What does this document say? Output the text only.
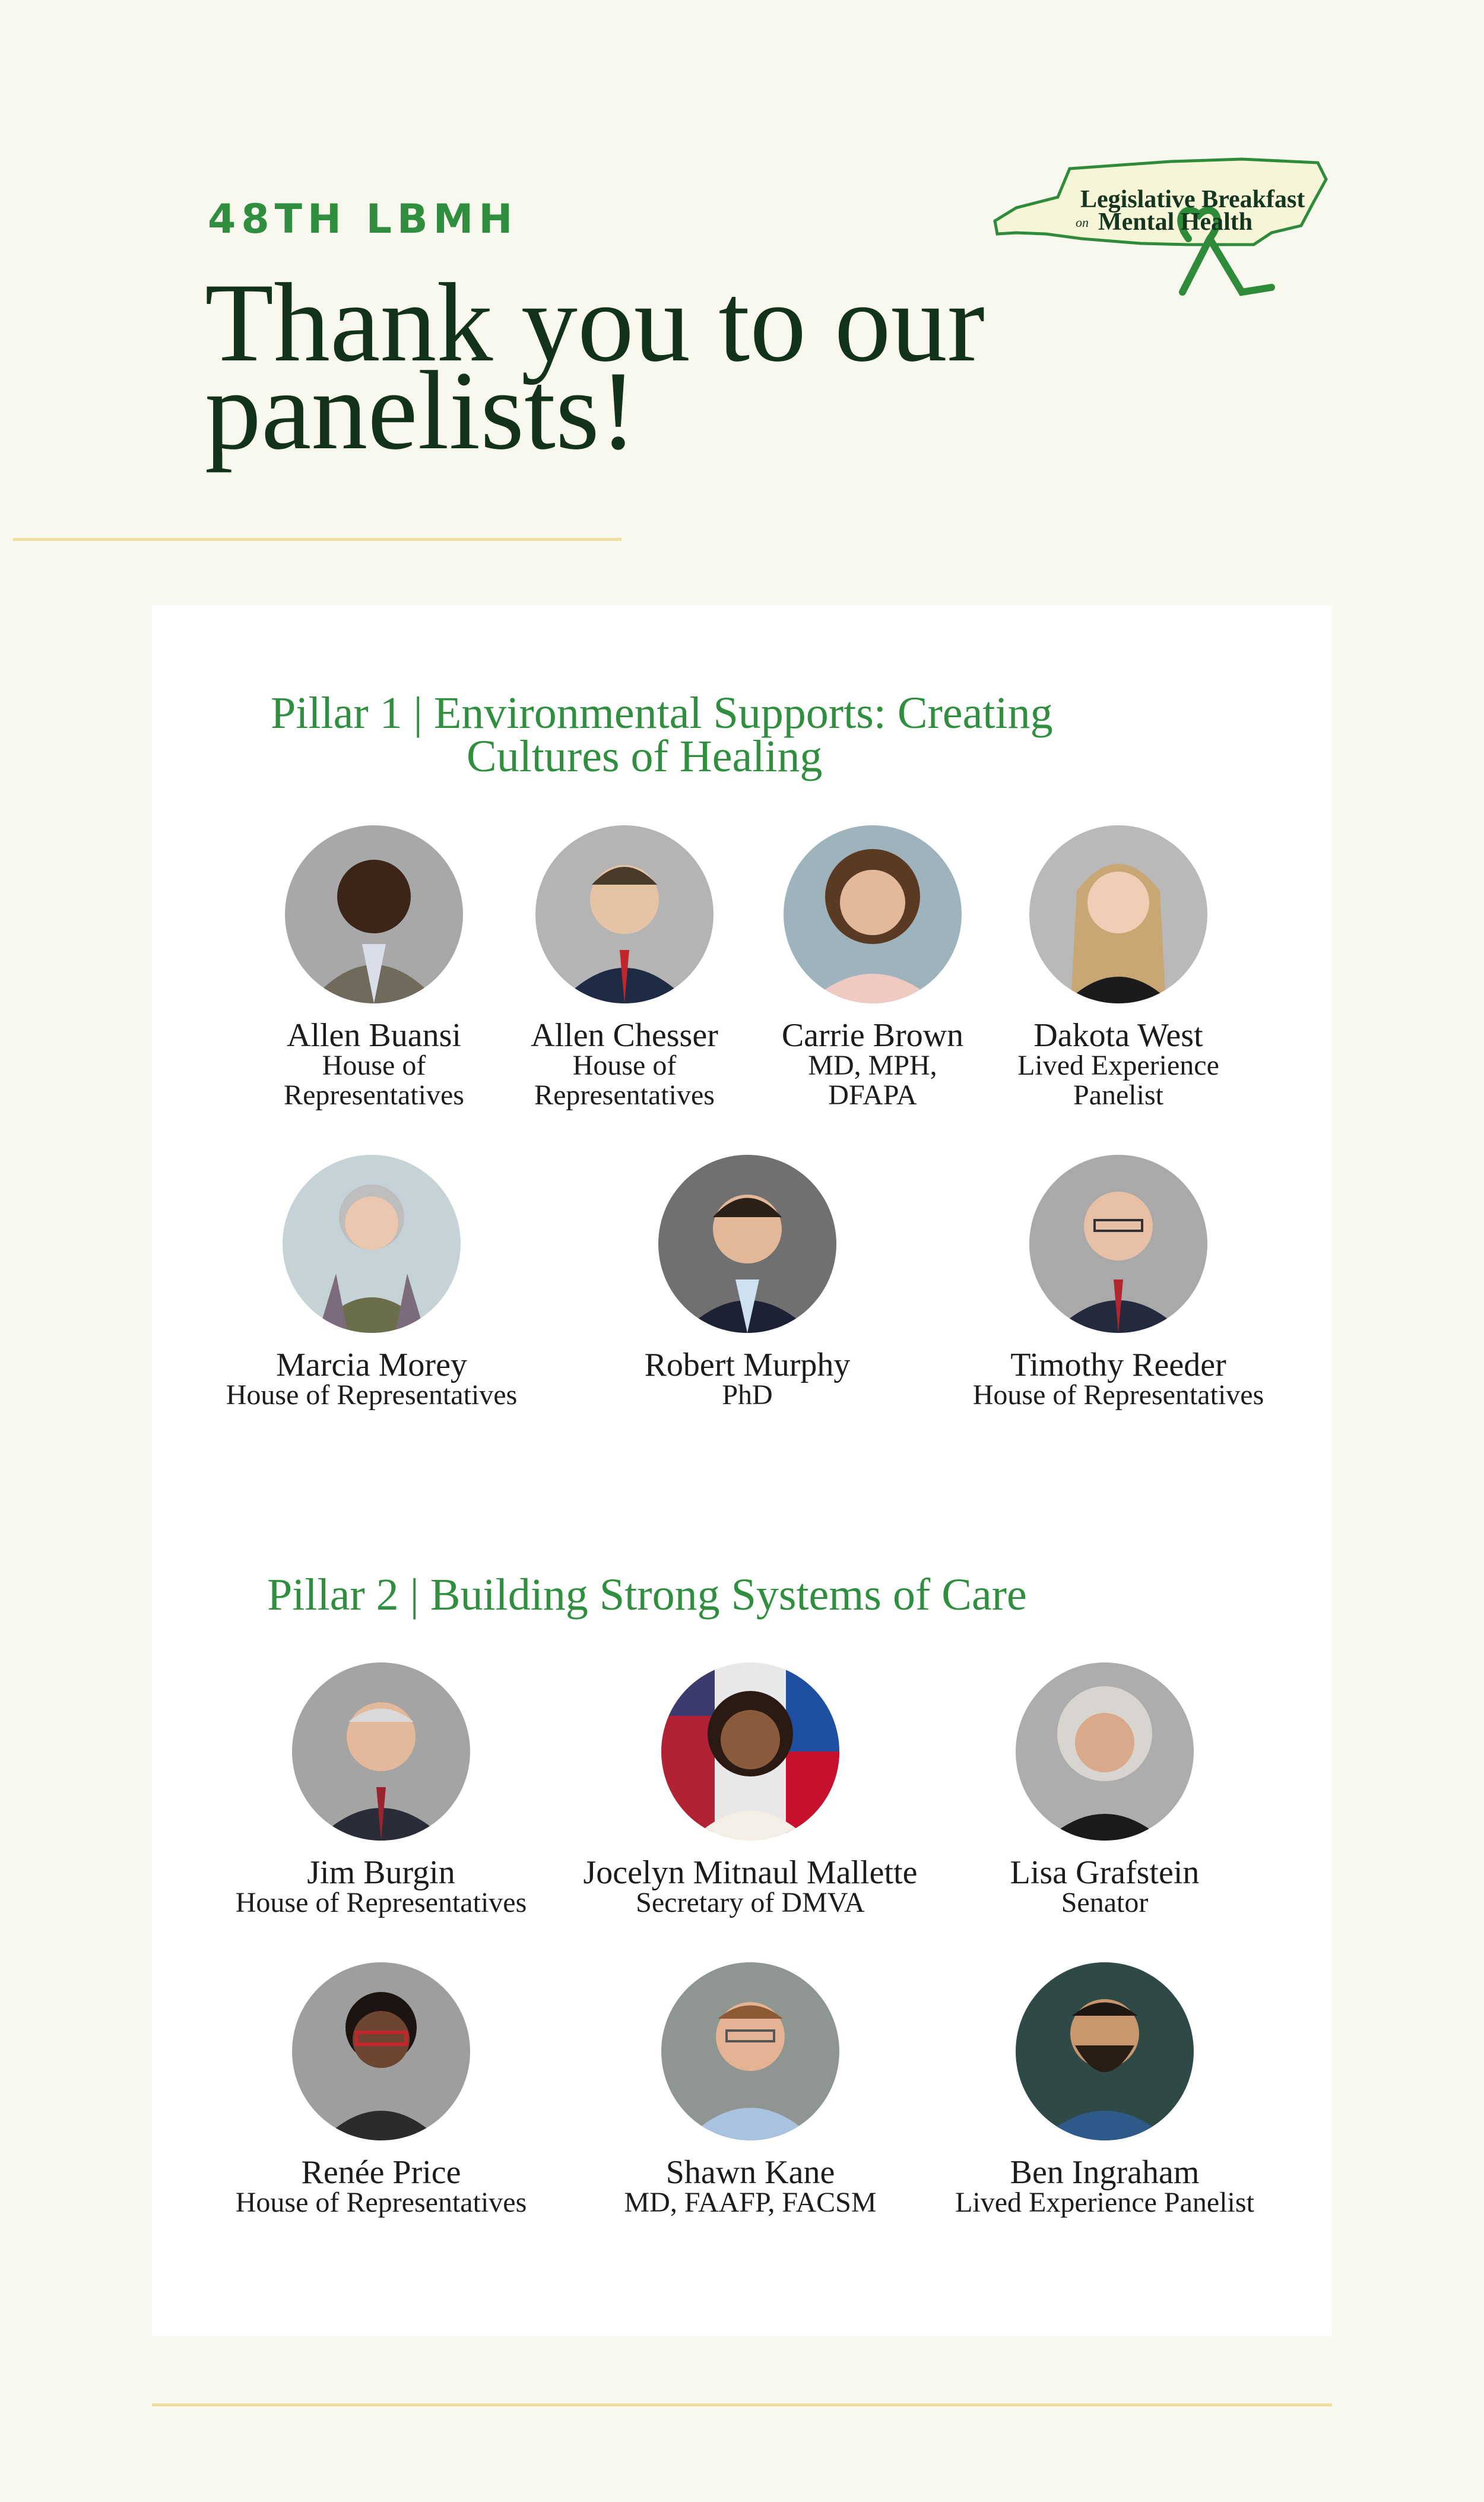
48TH LBMH
Thank you to our
panelists!
Legislative Breakfast
on Mental Health
Pillar 1 | Environmental Supports: Creating
Cultures of Healing

Allen Buansi

House of
Representatives

Allen Chesser

House of
Representatives

Carrie Brown

MD, MPH,
DFAPA

Dakota West

Lived Experience
Panelist

Marcia Morey

House of Representatives

Robert Murphy

PhD

Timothy Reeder

House of Representatives

Pillar 2 | Building Strong Systems of Care

Jim Burgin

House of Representatives

Jocelyn Mitnaul Mallette

Secretary of DMVA

Lisa Grafstein

Senator

Renée Price

House of Representatives

Shawn Kane

MD, FAAFP, FACSM

Ben Ingraham

Lived Experience Panelist
